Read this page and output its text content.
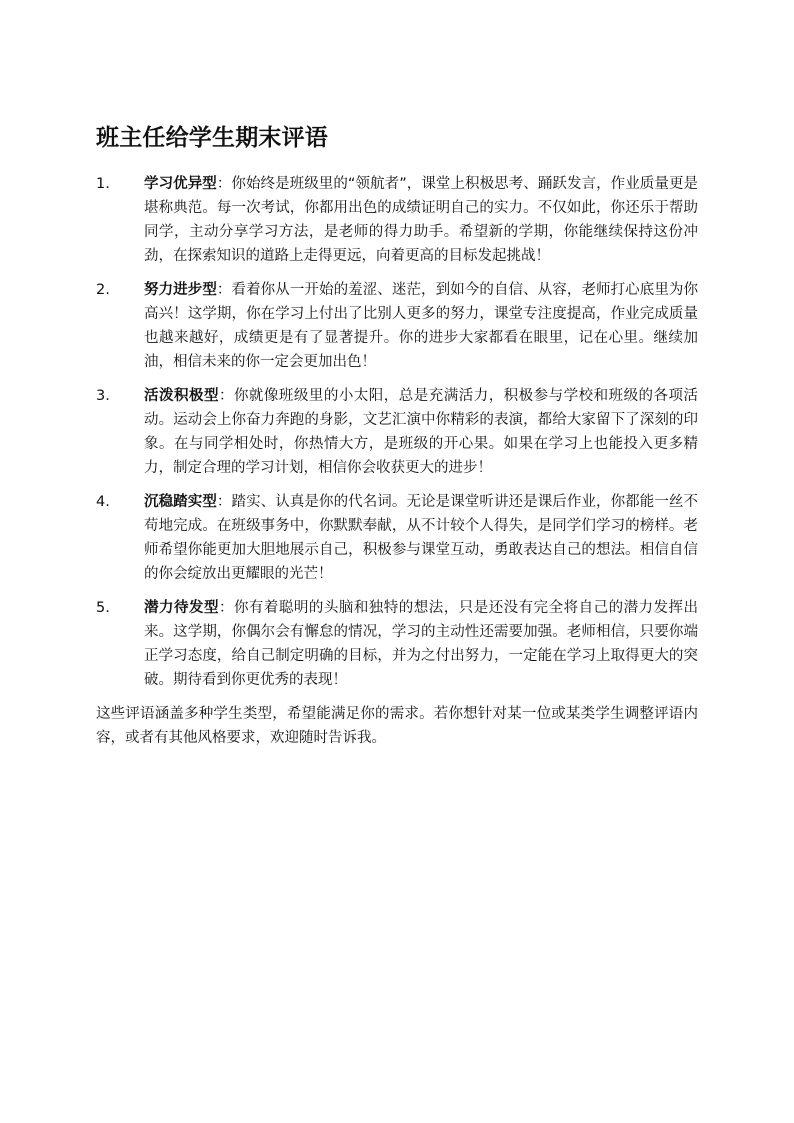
班主任给学生期末评语
1.	学习优异型：你始终是班级里的“领航者”，课堂上积极思考、踊跃发言，作业质量更是堪称典范。每一次考试，你都用出色的成绩证明自己的实力。不仅如此，你还乐于帮助同学，主动分享学习方法，是老师的得力助手。希望新的学期，你能继续保持这份冲劲，在探索知识的道路上走得更远，向着更高的目标发起挑战！
2.	努力进步型：看着你从一开始的羞涩、迷茫，到如今的自信、从容，老师打心底里为你高兴！这学期，你在学习上付出了比别人更多的努力，课堂专注度提高，作业完成质量也越来越好，成绩更是有了显著提升。你的进步大家都看在眼里，记在心里。继续加油，相信未来的你一定会更加出色！
3.	活泼积极型：你就像班级里的小太阳，总是充满活力，积极参与学校和班级的各项活动。运动会上你奋力奔跑的身影，文艺汇演中你精彩的表演，都给大家留下了深刻的印象。在与同学相处时，你热情大方，是班级的开心果。如果在学习上也能投入更多精力，制定合理的学习计划，相信你会收获更大的进步！
4.	沉稳踏实型：踏实、认真是你的代名词。无论是课堂听讲还是课后作业，你都能一丝不苟地完成。在班级事务中，你默默奉献，从不计较个人得失，是同学们学习的榜样。老师希望你能更加大胆地展示自己，积极参与课堂互动，勇敢表达自己的想法。相信自信的你会绽放出更耀眼的光芒！
5.	潜力待发型：你有着聪明的头脑和独特的想法，只是还没有完全将自己的潜力发挥出来。这学期，你偶尔会有懈怠的情况，学习的主动性还需要加强。老师相信，只要你端正学习态度，给自己制定明确的目标，并为之付出努力，一定能在学习上取得更大的突破。期待看到你更优秀的表现！

这些评语涵盖多种学生类型，希望能满足你的需求。若你想针对某一位或某类学生调整评语内容，或者有其他风格要求，欢迎随时告诉我。
